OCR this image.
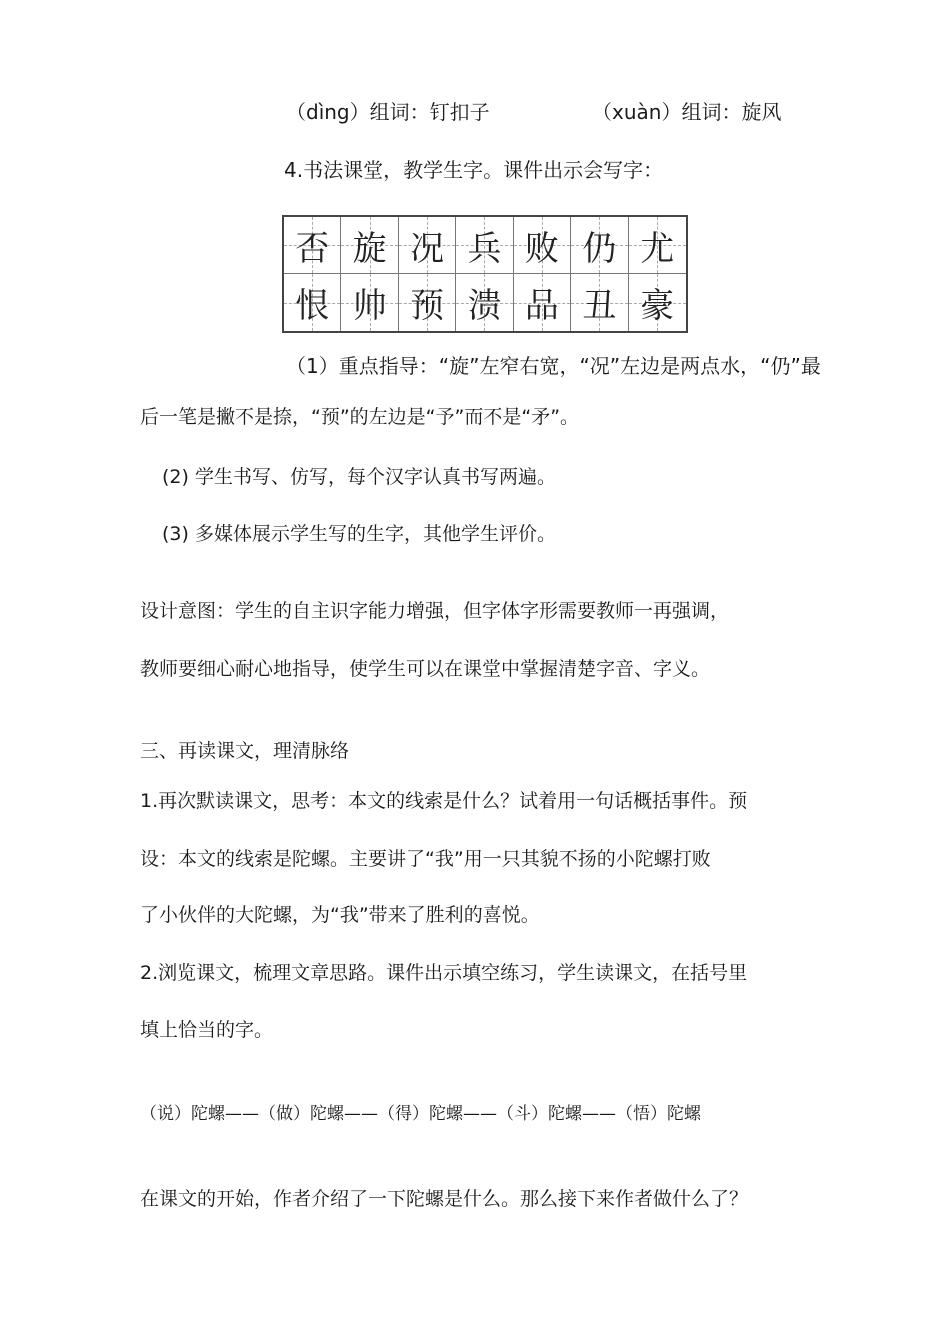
（dìng）组词：钉扣子	（xuàn）组词：旋风
4.书法课堂，教学生字。课件出示会写字：
否 旋 况 兵 败 仍 尤
恨 帅 预 溃 品 丑 豪
（1）重点指导：“旋”左窄右宽，“况”左边是两点水，“仍”最
后一笔是撇不是捺，“预”的左边是“予”而不是“矛”。
(2) 学生书写、仿写，每个汉字认真书写两遍。
(3) 多媒体展示学生写的生字，其他学生评价。
设计意图：学生的自主识字能力增强，但字体字形需要教师一再强调，
教师要细心耐心地指导，使学生可以在课堂中掌握清楚字音、字义。
三、再读课文，理清脉络
1.再次默读课文，思考：本文的线索是什么？试着用一句话概括事件。预
设：本文的线索是陀螺。主要讲了“我”用一只其貌不扬的小陀螺打败
了小伙伴的大陀螺，为“我”带来了胜利的喜悦。
2.浏览课文，梳理文章思路。课件出示填空练习，学生读课文，在括号里
填上恰当的字。
（说）陀螺——（做）陀螺——（得）陀螺——（斗）陀螺——（悟）陀螺
在课文的开始，作者介绍了一下陀螺是什么。那么接下来作者做什么了？
